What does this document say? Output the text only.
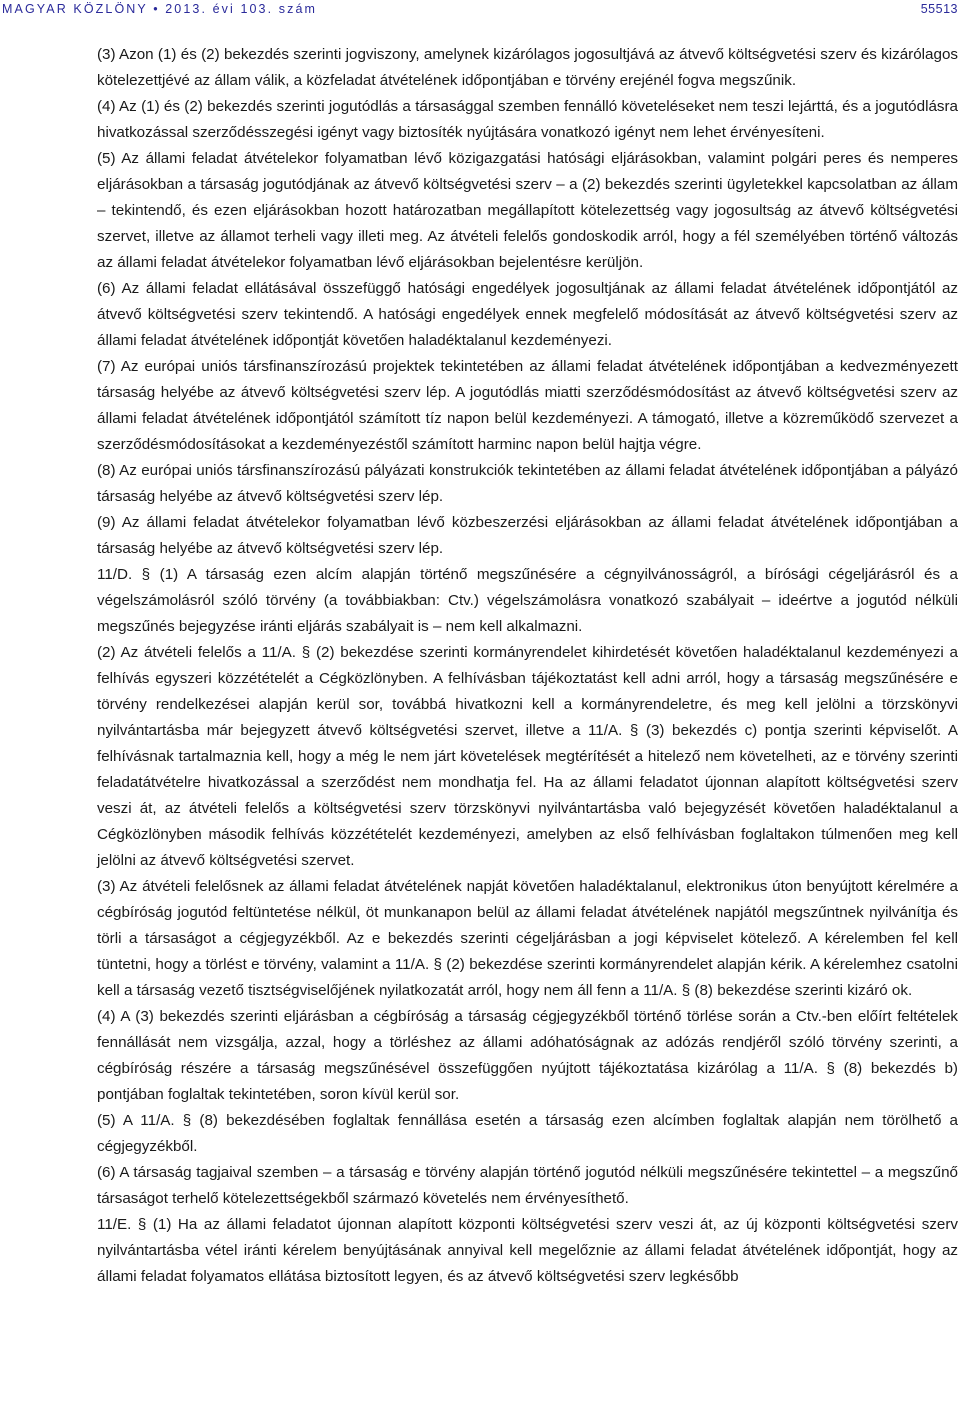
MAGYAR KÖZLÖNY • 2013. évi 103. szám	55513

(3) Azon (1) és (2) bekezdés szerinti jogviszony, amelynek kizárólagos jogosultjává az átvevő költségvetési szerv és kizárólagos kötelezettjévé az állam válik, a közfeladat átvételének időpontjában e törvény erejénél fogva megszűnik.

(4) Az (1) és (2) bekezdés szerinti jogutódlás a társasággal szemben fennálló követeléseket nem teszi lejárttá, és a jogutódlásra hivatkozással szerződésszegési igényt vagy biztosíték nyújtására vonatkozó igényt nem lehet érvényesíteni.

(5) Az állami feladat átvételekor folyamatban lévő közigazgatási hatósági eljárásokban, valamint polgári peres és nemperes eljárásokban a társaság jogutódjának az átvevő költségvetési szerv – a (2) bekezdés szerinti ügyletekkel kapcsolatban az állam – tekintendő, és ezen eljárásokban hozott határozatban megállapított kötelezettség vagy jogosultság az átvevő költségvetési szervet, illetve az államot terheli vagy illeti meg. Az átvételi felelős gondoskodik arról, hogy a fél személyében történő változás az állami feladat átvételekor folyamatban lévő eljárásokban bejelentésre kerüljön.

(6) Az állami feladat ellátásával összefüggő hatósági engedélyek jogosultjának az állami feladat átvételének időpontjától az átvevő költségvetési szerv tekintendő. A hatósági engedélyek ennek megfelelő módosítását az átvevő költségvetési szerv az állami feladat átvételének időpontját követően haladéktalanul kezdeményezi.

(7) Az európai uniós társfinanszírozású projektek tekintetében az állami feladat átvételének időpontjában a kedvezményezett társaság helyébe az átvevő költségvetési szerv lép. A jogutódlás miatti szerződésmódosítást az átvevő költségvetési szerv az állami feladat átvételének időpontjától számított tíz napon belül kezdeményezi. A támogató, illetve a közreműködő szervezet a szerződésmódosításokat a kezdeményezéstől számított harminc napon belül hajtja végre.

(8) Az európai uniós társfinanszírozású pályázati konstrukciók tekintetében az állami feladat átvételének időpontjában a pályázó társaság helyébe az átvevő költségvetési szerv lép.

(9) Az állami feladat átvételekor folyamatban lévő közbeszerzési eljárásokban az állami feladat átvételének időpontjában a társaság helyébe az átvevő költségvetési szerv lép.

11/D. § (1) A társaság ezen alcím alapján történő megszűnésére a cégnyilvánosságról, a bírósági cégeljárásról és a végelszámolásról szóló törvény (a továbbiakban: Ctv.) végelszámolásra vonatkozó szabályait – ideértve a jogutód nélküli megszűnés bejegyzése iránti eljárás szabályait is – nem kell alkalmazni.

(2) Az átvételi felelős a 11/A. § (2) bekezdése szerinti kormányrendelet kihirdetését követően haladéktalanul kezdeményezi a felhívás egyszeri közzétételét a Cégközlönyben. A felhívásban tájékoztatást kell adni arról, hogy a társaság megszűnésére e törvény rendelkezései alapján kerül sor, továbbá hivatkozni kell a kormányrendeletre, és meg kell jelölni a törzskönyvi nyilvántartásba már bejegyzett átvevő költségvetési szervet, illetve a 11/A. § (3) bekezdés c) pontja szerinti képviselőt. A felhívásnak tartalmaznia kell, hogy a még le nem járt követelések megtérítését a hitelező nem követelheti, az e törvény szerinti feladatátvételre hivatkozással a szerződést nem mondhatja fel. Ha az állami feladatot újonnan alapított költségvetési szerv veszi át, az átvételi felelős a költségvetési szerv törzskönyvi nyilvántartásba való bejegyzését követően haladéktalanul a Cégközlönyben második felhívás közzétételét kezdeményezi, amelyben az első felhívásban foglaltakon túlmenően meg kell jelölni az átvevő költségvetési szervet.

(3) Az átvételi felelősnek az állami feladat átvételének napját követően haladéktalanul, elektronikus úton benyújtott kérelmére a cégbíróság jogutód feltüntetése nélkül, öt munkanapon belül az állami feladat átvételének napjától megszűntnek nyilvánítja és törli a társaságot a cégjegyzékből. Az e bekezdés szerinti cégeljárásban a jogi képviselet kötelező. A kérelemben fel kell tüntetni, hogy a törlést e törvény, valamint a 11/A. § (2) bekezdése szerinti kormányrendelet alapján kérik. A kérelemhez csatolni kell a társaság vezető tisztségviselőjének nyilatkozatát arról, hogy nem áll fenn a 11/A. § (8) bekezdése szerinti kizáró ok.

(4) A (3) bekezdés szerinti eljárásban a cégbíróság a társaság cégjegyzékből történő törlése során a Ctv.-ben előírt feltételek fennállását nem vizsgálja, azzal, hogy a törléshez az állami adóhatóságnak az adózás rendjéről szóló törvény szerinti, a cégbíróság részére a társaság megszűnésével összefüggően nyújtott tájékoztatása kizárólag a 11/A. § (8) bekezdés b) pontjában foglaltak tekintetében, soron kívül kerül sor.

(5) A 11/A. § (8) bekezdésében foglaltak fennállása esetén a társaság ezen alcímben foglaltak alapján nem törölhető a cégjegyzékből.

(6) A társaság tagjaival szemben – a társaság e törvény alapján történő jogutód nélküli megszűnésére tekintettel – a megszűnő társaságot terhelő kötelezettségekből származó követelés nem érvényesíthető.

11/E. § (1) Ha az állami feladatot újonnan alapított központi költségvetési szerv veszi át, az új központi költségvetési szerv nyilvántartásba vétel iránti kérelem benyújtásának annyival kell megelőznie az állami feladat átvételének időpontját, hogy az állami feladat folyamatos ellátása biztosított legyen, és az átvevő költségvetési szerv legkésőbb
